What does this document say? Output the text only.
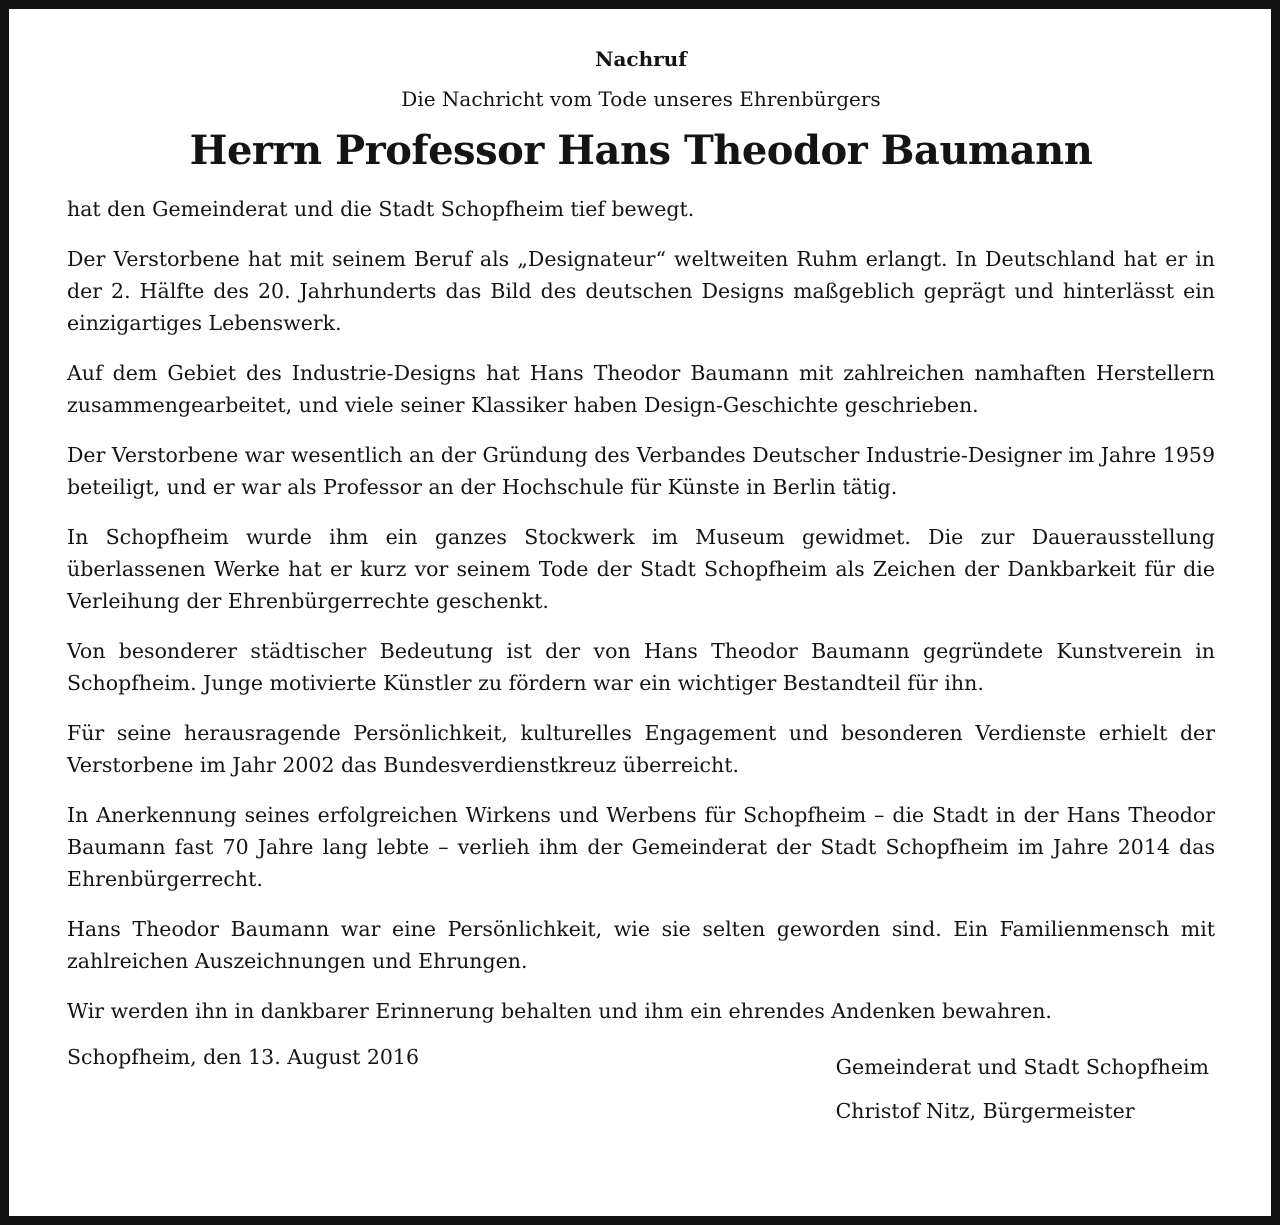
Nachruf
Die Nachricht vom Tode unseres Ehrenbürgers
Herrn Professor Hans Theodor Baumann

hat den Gemeinderat und die Stadt Schopfheim tief bewegt.

Der Verstorbene hat mit seinem Beruf als „Designateur“ weltweiten Ruhm erlangt. In Deutschland hat er in der 2. Hälfte des 20. Jahrhunderts das Bild des deutschen Designs maßgeblich geprägt und hinterlässt ein einzigartiges Lebenswerk.

Auf dem Gebiet des Industrie-Designs hat Hans Theodor Baumann mit zahlreichen namhaften Herstellern zusammengearbeitet, und viele seiner Klassiker haben Design-Geschichte geschrieben.

Der Verstorbene war wesentlich an der Gründung des Verbandes Deutscher Industrie-Designer im Jahre 1959 beteiligt, und er war als Professor an der Hochschule für Künste in Berlin tätig.

In Schopfheim wurde ihm ein ganzes Stockwerk im Museum gewidmet. Die zur Dauerausstellung überlassenen Werke hat er kurz vor seinem Tode der Stadt Schopfheim als Zeichen der Dankbarkeit für die Verleihung der Ehrenbürgerrechte geschenkt.

Von besonderer städtischer Bedeutung ist der von Hans Theodor Baumann gegründete Kunstverein in Schopfheim. Junge motivierte Künstler zu fördern war ein wichtiger Bestandteil für ihn.

Für seine herausragende Persönlichkeit, kulturelles Engagement und besonderen Verdienste erhielt der Verstorbene im Jahr 2002 das Bundesverdienstkreuz überreicht.

In Anerkennung seines erfolgreichen Wirkens und Werbens für Schopfheim – die Stadt in der Hans Theodor Baumann fast 70 Jahre lang lebte – verlieh ihm der Gemeinderat der Stadt Schopfheim im Jahre 2014 das Ehrenbürgerrecht.

Hans Theodor Baumann war eine Persönlichkeit, wie sie selten geworden sind. Ein Familienmensch mit zahlreichen Auszeichnungen und Ehrungen.

Wir werden ihn in dankbarer Erinnerung behalten und ihm ein ehrendes Andenken bewahren.

Schopfheim, den 13. August 2016	Gemeinderat und Stadt Schopfheim
Christof Nitz, Bürgermeister
